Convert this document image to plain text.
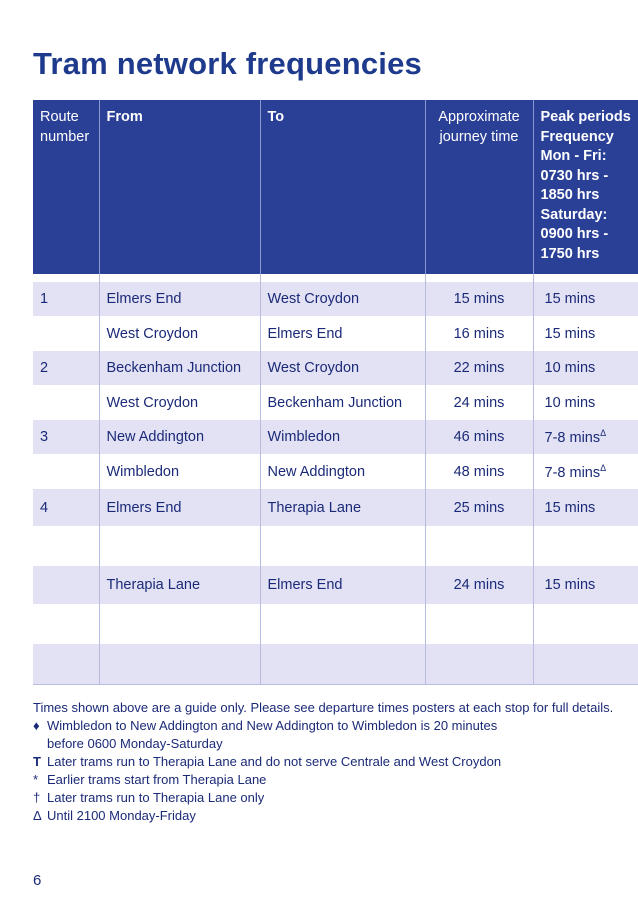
Tram network frequencies
Route number	From	To	Approximate journey time	Peak periods Frequency Mon - Fri: 0730 hrs - 1850 hrs Saturday: 0900 hrs - 1750 hrs

1	Elmers End	West Croydon	15 mins	15 mins
	West Croydon	Elmers End	16 mins	15 mins
2	Beckenham Junction	West Croydon	22 mins	10 mins
	West Croydon	Beckenham Junction	24 mins	10 mins
3	New Addington	Wimbledon	46 mins	7-8 mins$^\Delta$
	Wimbledon	New Addington	48 mins	7-8 mins$^\Delta$
4	Elmers End	Therapia Lane	25 mins	15 mins

	Therapia Lane	Elmers End	24 mins	15 mins

Times shown above are a guide only. Please see departure times posters at each stop for full details.

♦ Wimbledon to New Addington and New Addington to Wimbledon is 20 minutes

before 0600 Monday-Saturday

T Later trams run to Therapia Lane and do not serve Centrale and West Croydon

* Earlier trams start from Therapia Lane

† Later trams run to Therapia Lane only

Δ Until 2100 Monday-Friday

6
